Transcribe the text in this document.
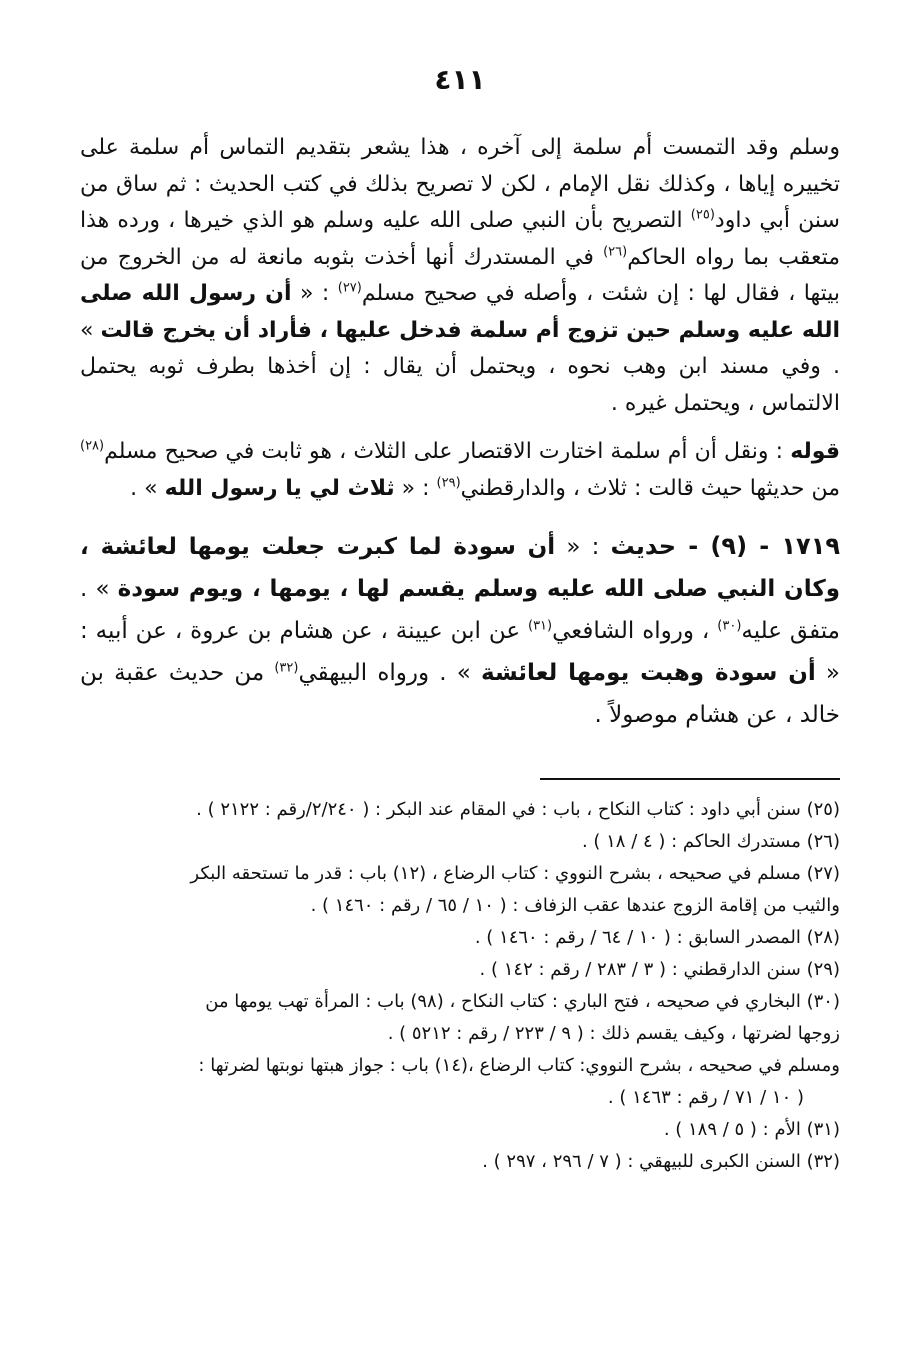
٤١١

وسلم وقد التمست أم سلمة إلى آخره ، هذا يشعر بتقديم التماس أم سلمة على تخييره إياها ، وكذلك نقل الإمام ، لكن لا تصريح بذلك في كتب الحديث : ثم ساق من سنن أبي داود$^{(٢٥)}$ التصريح بأن النبي صلى الله عليه وسلم هو الذي خيرها ، ورده هذا متعقب بما رواه الحاكم$^{(٢٦)}$ في المستدرك أنها أخذت بثوبه مانعة له من الخروج من بيتها ، فقال لها : إن شئت ، وأصله في صحيح مسلم$^{(٢٧)}$ : « أن رسول الله صلى الله عليه وسلم حين تزوج أم سلمة فدخل عليها ، فأراد أن يخرج قالت » . وفي مسند ابن وهب نحوه ، ويحتمل أن يقال : إن أخذها بطرف ثوبه يحتمل الالتماس ، ويحتمل غيره .

قوله : ونقل أن أم سلمة اختارت الاقتصار على الثلاث ، هو ثابت في صحيح مسلم$^{(٢٨)}$ من حديثها حيث قالت : ثلاث ، والدارقطني$^{(٢٩)}$ : « ثلاث لي يا رسول الله » .

١٧١٩ - (٩) - حديث : « أن سودة لما كبرت جعلت يومها لعائشة ، وكان النبي صلى الله عليه وسلم يقسم لها ، يومها ، ويوم سودة » . متفق عليه$^{(٣٠)}$ ، ورواه الشافعي$^{(٣١)}$ عن ابن عيينة ، عن هشام بن عروة ، عن أبيه : « أن سودة وهبت يومها لعائشة » . ورواه البيهقي$^{(٣٢)}$ من حديث عقبة بن خالد ، عن هشام موصولاً .

(٢٥) سنن أبي داود : كتاب النكاح ، باب : في المقام عند البكر : ( ٢/٢٤٠/رقم : ٢١٢٢ ) .

(٢٦) مستدرك الحاكم : ( ٤ / ١٨ ) .

(٢٧) مسلم في صحيحه ، بشرح النووي : كتاب الرضاع ، (١٢) باب : قدر ما تستحقه البكر

والثيب من إقامة الزوج عندها عقب الزفاف : ( ١٠ / ٦٥ / رقم : ١٤٦٠ ) .

(٢٨) المصدر السابق : ( ١٠ / ٦٤ / رقم : ١٤٦٠ ) .

(٢٩) سنن الدارقطني : ( ٣ / ٢٨٣ / رقم : ١٤٢ ) .

(٣٠) البخاري في صحيحه ، فتح الباري : كتاب النكاح ، (٩٨) باب : المرأة تهب يومها من

زوجها لضرتها ، وكيف يقسم ذلك : ( ٩ / ٢٢٣ / رقم : ٥٢١٢ ) .

ومسلم في صحيحه ، بشرح النووي: كتاب الرضاع ،(١٤) باب : جواز هبتها نوبتها لضرتها :

( ١٠ / ٧١ / رقم : ١٤٦٣ ) .

(٣١) الأم : ( ٥ / ١٨٩ ) .

(٣٢) السنن الكبرى للبيهقي : ( ٧ / ٢٩٦ ، ٢٩٧ ) .
